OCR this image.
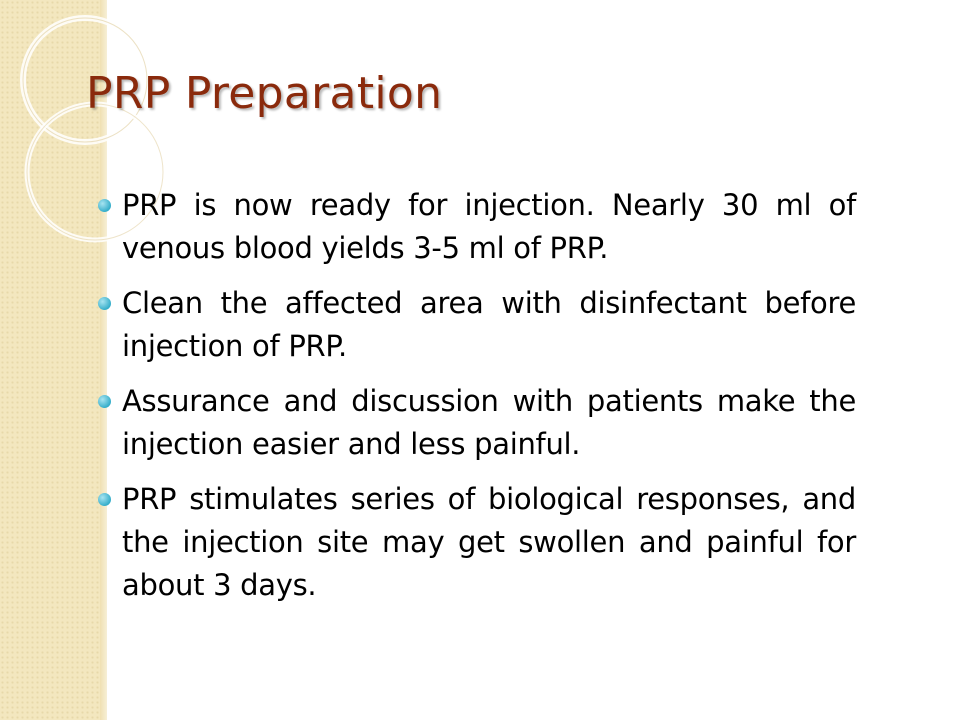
PRP Preparation
PRP is now ready for injection. Nearly 30 ml of venous blood yields 3-5 ml of PRP.
Clean the affected area with disinfectant before injection of PRP.
Assurance and discussion with patients make the injection easier and less painful.
PRP stimulates series of biological responses, and the injection site may get swollen and painful for about 3 days.
